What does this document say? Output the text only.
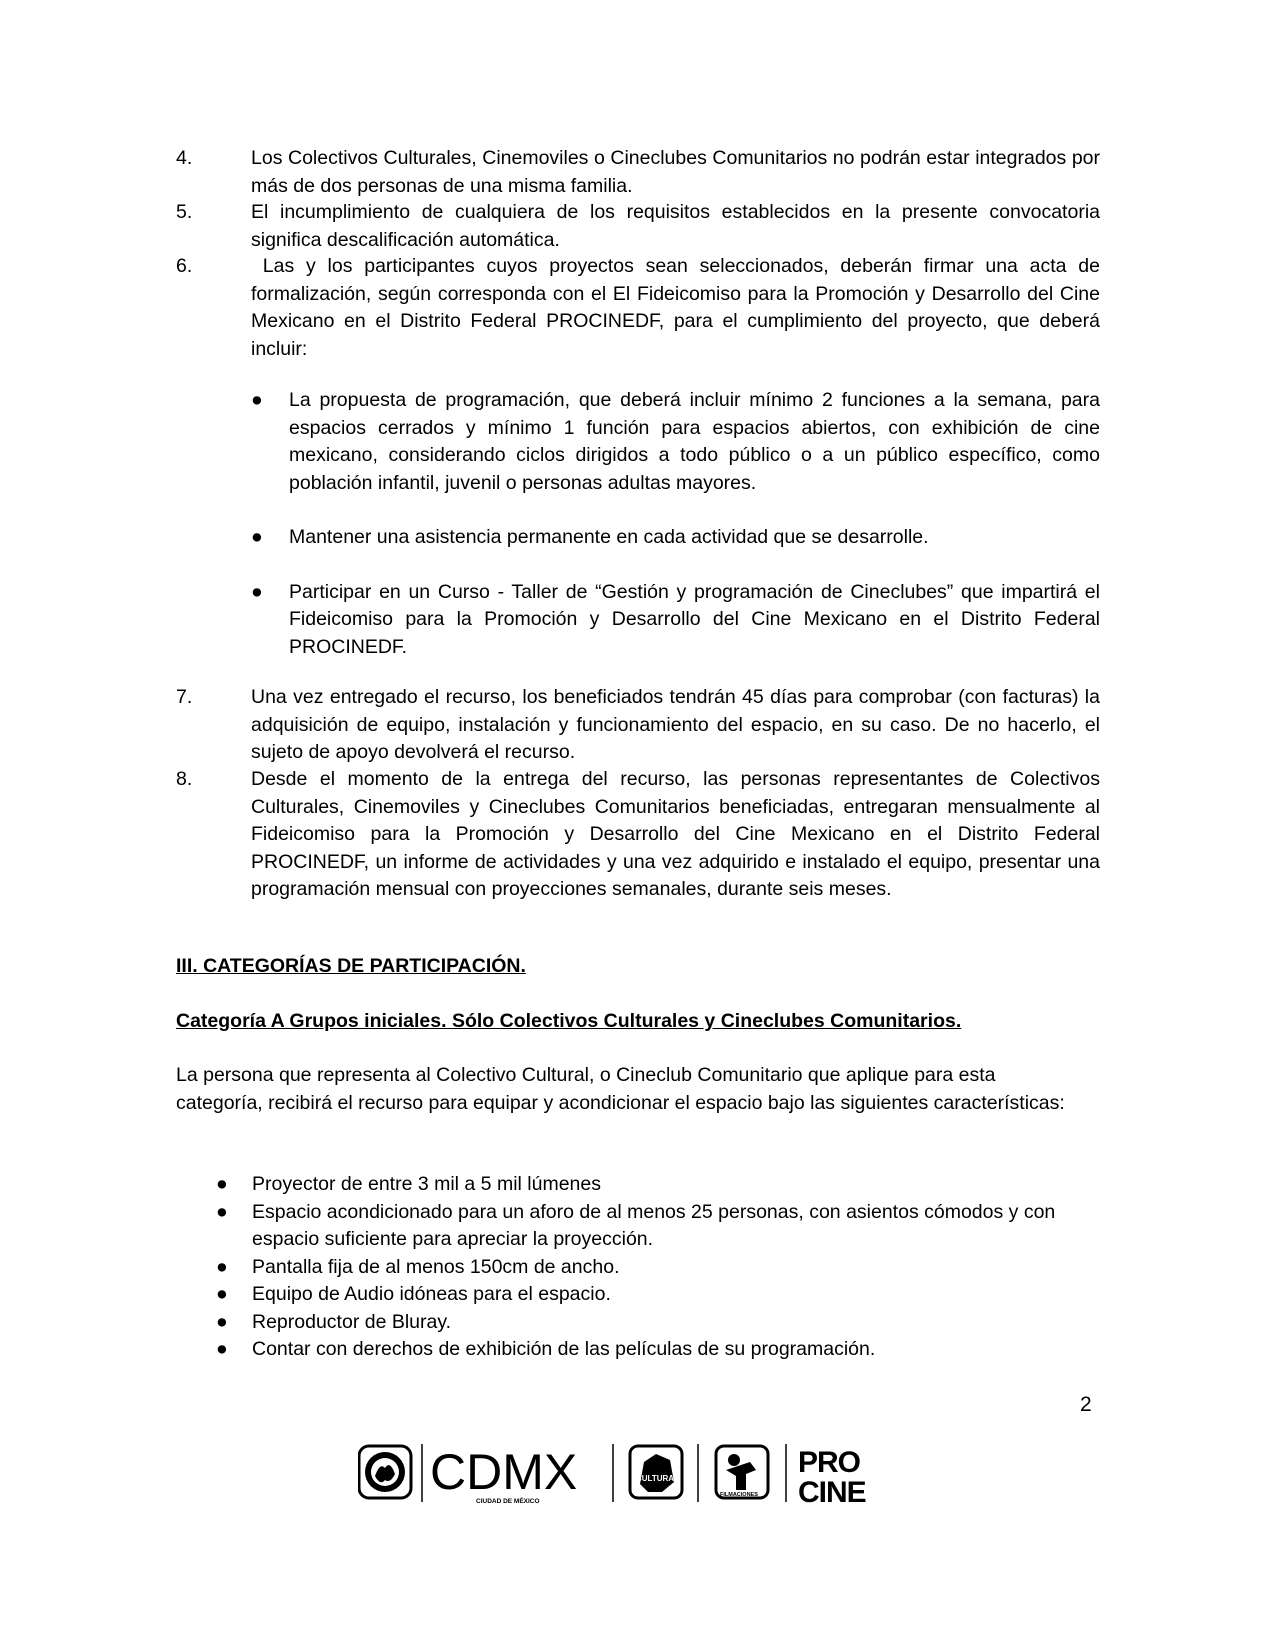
4.	Los Colectivos Culturales, Cinemoviles o Cineclubes Comunitarios no podrán estar integrados por más de dos personas de una misma familia.
5.	El incumplimiento de cualquiera de los requisitos establecidos en la presente convocatoria significa descalificación automática.
6.	Las y los participantes cuyos proyectos sean seleccionados, deberán firmar una acta de formalización, según corresponda con el El Fideicomiso para la Promoción y Desarrollo del Cine Mexicano en el Distrito Federal PROCINEDF, para el cumplimiento del proyecto, que deberá incluir:
● La propuesta de programación, que deberá incluir mínimo 2 funciones a la semana, para espacios cerrados y mínimo 1 función para espacios abiertos, con exhibición de cine mexicano, considerando ciclos dirigidos a todo público o a un público específico, como población infantil, juvenil o personas adultas mayores.
● Mantener una asistencia permanente en cada actividad que se desarrolle.
● Participar en un Curso - Taller de “Gestión y programación de Cineclubes” que impartirá el Fideicomiso para la Promoción y Desarrollo del Cine Mexicano en el Distrito Federal PROCINEDF.
7.	Una vez entregado el recurso, los beneficiados tendrán 45 días para comprobar (con facturas) la adquisición de equipo, instalación y funcionamiento del espacio, en su caso. De no hacerlo, el sujeto de apoyo devolverá el recurso.
8.	Desde el momento de la entrega del recurso, las personas representantes de Colectivos Culturales, Cinemoviles y Cineclubes Comunitarios beneficiadas, entregaran mensualmente al Fideicomiso para la Promoción y Desarrollo del Cine Mexicano en el Distrito Federal PROCINEDF, un informe de actividades y una vez adquirido e instalado el equipo, presentar una programación mensual con proyecciones semanales, durante seis meses.
III. CATEGORÍAS DE PARTICIPACIÓN.
Categoría A Grupos iniciales. Sólo Colectivos Culturales y Cineclubes Comunitarios.
La persona que representa al Colectivo Cultural, o Cineclub Comunitario que aplique para esta categoría, recibirá el recurso para equipar y acondicionar el espacio bajo las siguientes características:
● Proyector de entre 3 mil a 5 mil lúmenes
● Espacio acondicionado para un aforo de al menos 25 personas, con asientos cómodos y con espacio suficiente para apreciar la proyección.
● Pantalla fija de al menos 150cm de ancho.
● Equipo de Audio idóneas para el espacio.
● Reproductor de Bluray.
● Contar con derechos de exhibición de las películas de su programación.
2
CDMX
CIUDAD DE MÉXICO
CULTURA
FILMACIONES
PRO
CINE
